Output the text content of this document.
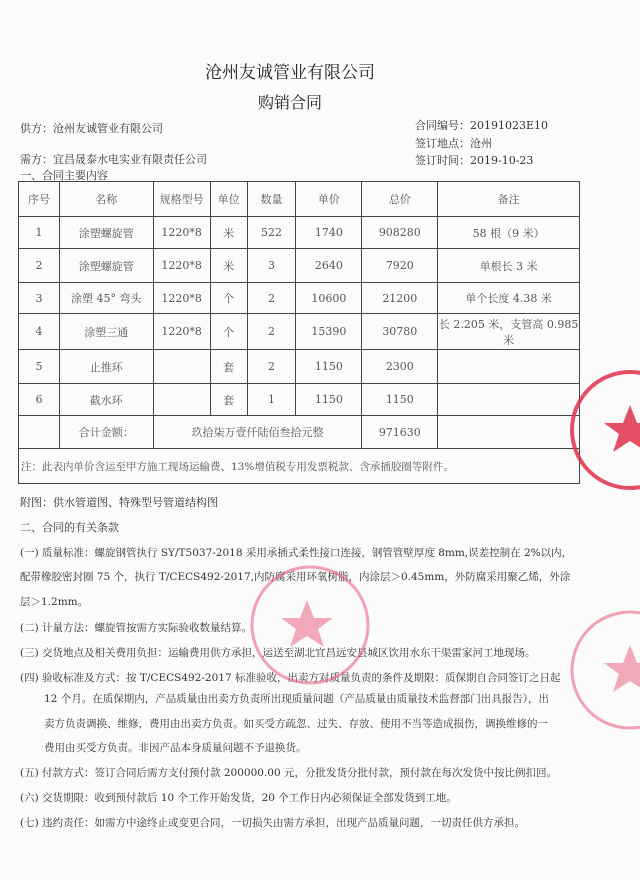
沧州友诚管业有限公司
购销合同
供方：沧州友诚管业有限公司
需方：宜昌晟泰水电实业有限责任公司
合同编号：20191023E10
签订地点：沧州
签订时间：2019-10-23
一、合同主要内容
序号	名称	规格型号	单位	数量	单价	总价	备注
1	涂塑螺旋管	1220*8	米	522	1740	908280	58 根（9 米）
2	涂塑螺旋管	1220*8	米	3	2640	7920	单根长 3 米
3	涂塑 45° 弯头	1220*8	个	2	10600	21200	单个长度 4.38 米
4	涂塑三通	1220*8	个	2	15390	30780	长 2.205 米，支管高 0.985 米
5	止推环		套	2	1150	2300	
6	截水环		套	1	1150	1150	
	合计金额：	玖拾柒万壹仟陆佰叁拾元整				971630	
注：此表内单价含运至甲方施工现场运输费、13%增值税专用发票税款、含承插胶圈等附件。							
附图：供水管道图、特殊型号管道结构图
二、合同的有关条款
(一) 质量标准：螺旋钢管执行 SY/T5037-2018 采用承插式柔性接口连接，钢管管壁厚度 8mm,误差控制在 2%以内，
配带橡胶密封圈 75 个，执行 T/CECS492-2017,内防腐采用环氧树脂，内涂层＞0.45mm，外防腐采用聚乙烯，外涂
层＞1.2mm。
(二) 计量方法：螺旋管按需方实际验收数量结算。
(三) 交货地点及相关费用负担：运输费用供方承担，运送至湖北宜昌远安县城区饮用水东干渠雷家河工地现场。
(四) 验收标准及方式：按 T/CECS492-2017 标准验收，出卖方对质量负责的条件及期限：质保期自合同签订之日起
12 个月。在质保期内，产品质量由出卖方负责所出现质量问题（产品质量由质量技术监督部门出具报告），出
卖方负责调换、维修，费用由出卖方负责。如买受方疏忽、过失、存放、使用不当等造成损伤，调换维修的一
费用由买受方负责。非因产品本身质量问题不予退换货。
(五) 付款方式：签订合同后需方支付预付款 200000.00 元，分批发货分批付款，预付款在每次发货中按比例扣回。
(六) 交货期限：收到预付款后 10 个工作开始发货，20 个工作日内必须保证全部发货到工地。
(七) 违约责任：如需方中途终止或变更合同，一切损失由需方承担，出现产品质量问题，一切责任供方承担。
